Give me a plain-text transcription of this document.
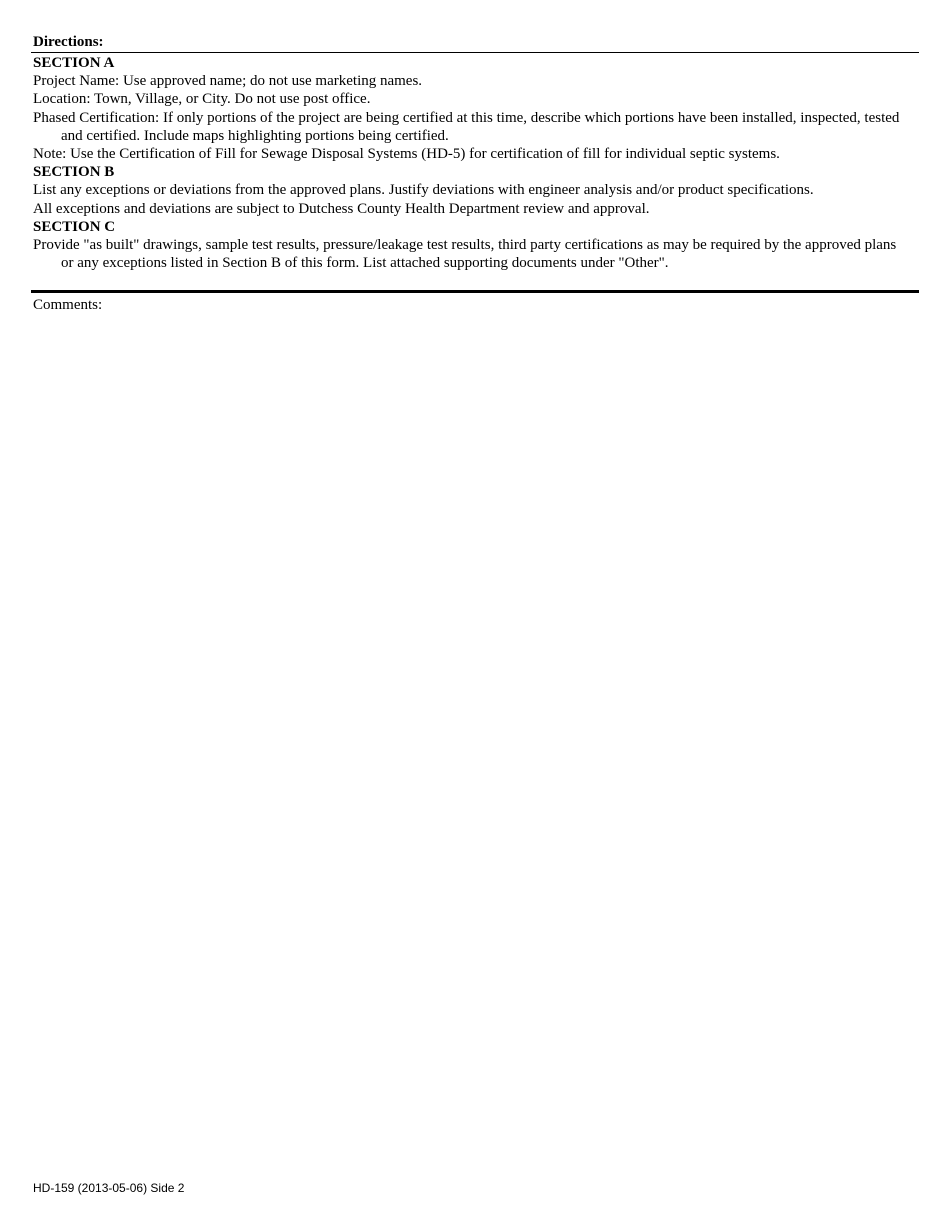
Directions:

SECTION A

Project Name: Use approved name; do not use marketing names.

Location: Town, Village, or City. Do not use post office.

Phased Certification: If only portions of the project are being certified at this time, describe which portions have been installed, inspected, tested and certified. Include maps highlighting portions being certified.

Note: Use the Certification of Fill for Sewage Disposal Systems (HD-5) for certification of fill for individual septic systems.

SECTION B

List any exceptions or deviations from the approved plans. Justify deviations with engineer analysis and/or product specifications.

All exceptions and deviations are subject to Dutchess County Health Department review and approval.

SECTION C

Provide "as built" drawings, sample test results, pressure/leakage test results, third party certifications as may be required by the approved plans or any exceptions listed in Section B of this form. List attached supporting documents under "Other".

Comments:

HD-159 (2013-05-06) Side 2
